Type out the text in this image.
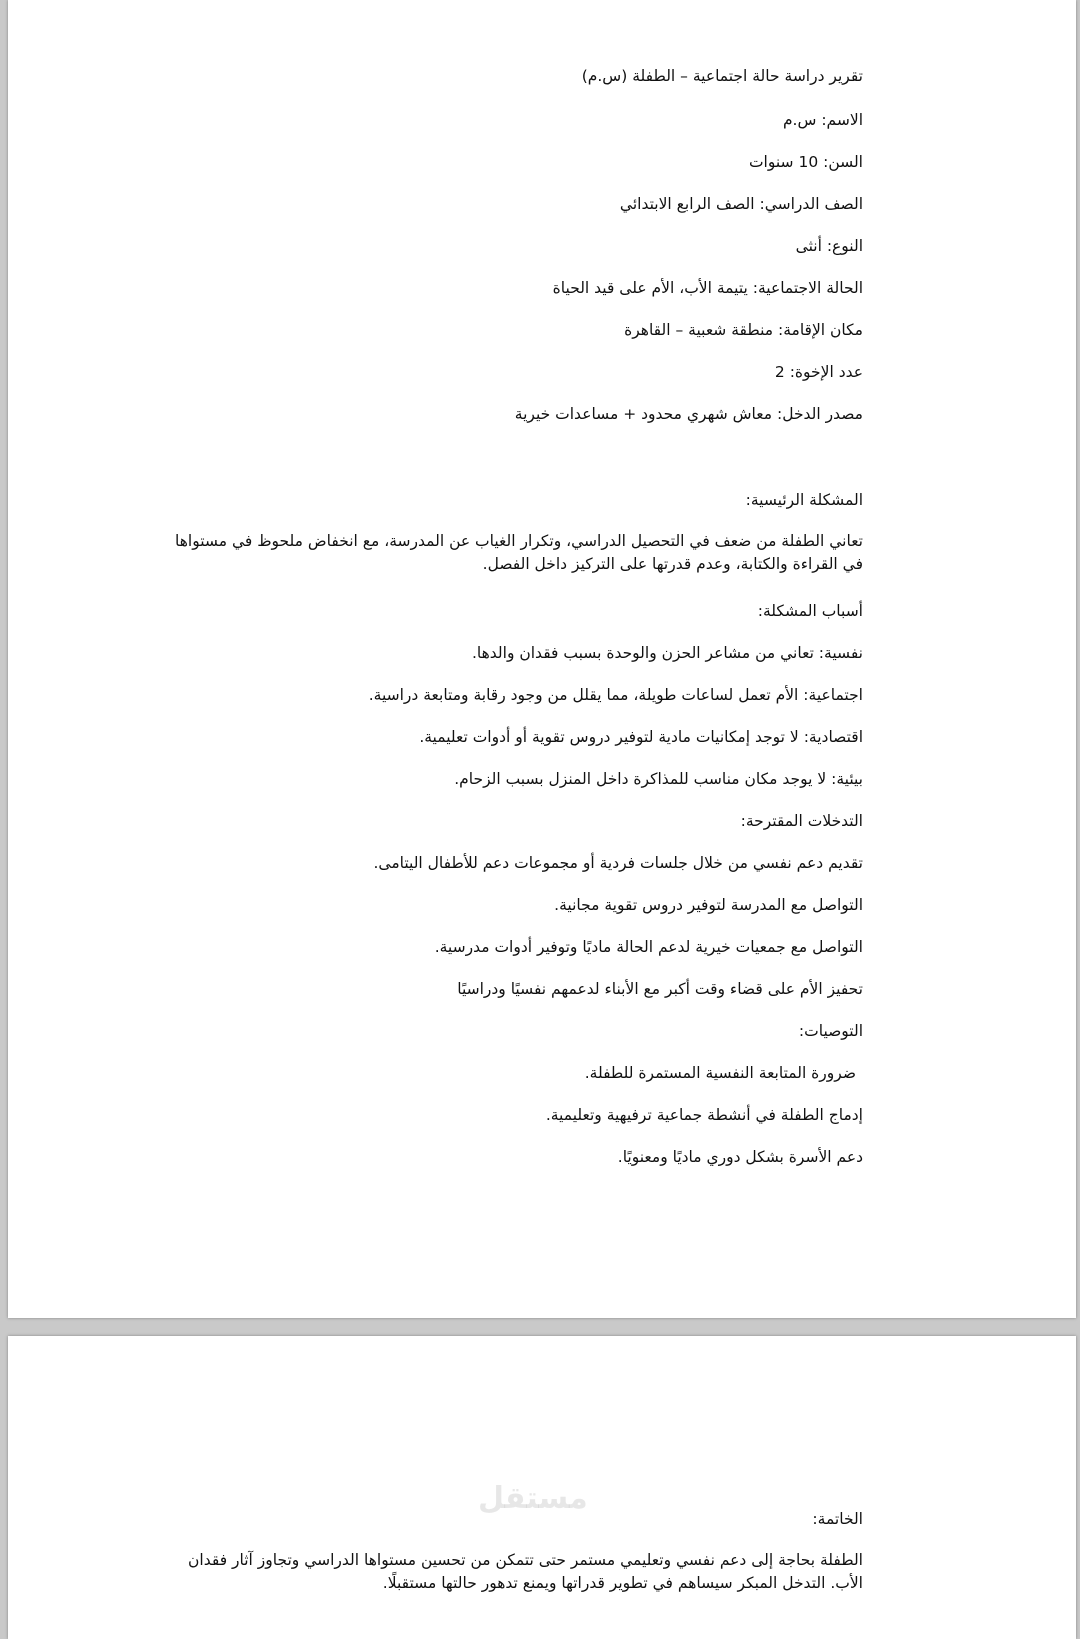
تقرير دراسة حالة اجتماعية – الطفلة (س.م)
الاسم: س.م
السن: 10 سنوات
الصف الدراسي: الصف الرابع الابتدائي
النوع: أنثى
الحالة الاجتماعية: يتيمة الأب، الأم على قيد الحياة
مكان الإقامة: منطقة شعبية – القاهرة
عدد الإخوة: 2
مصدر الدخل: معاش شهري محدود + مساعدات خيرية
المشكلة الرئيسية:
تعاني الطفلة من ضعف في التحصيل الدراسي، وتكرار الغياب عن المدرسة، مع انخفاض ملحوظ في مستواها في القراءة والكتابة، وعدم قدرتها على التركيز داخل الفصل.
أسباب المشكلة:
نفسية: تعاني من مشاعر الحزن والوحدة بسبب فقدان والدها.
اجتماعية: الأم تعمل لساعات طويلة، مما يقلل من وجود رقابة ومتابعة دراسية.
اقتصادية: لا توجد إمكانيات مادية لتوفير دروس تقوية أو أدوات تعليمية.
بيئية: لا يوجد مكان مناسب للمذاكرة داخل المنزل بسبب الزحام.
التدخلات المقترحة:
تقديم دعم نفسي من خلال جلسات فردية أو مجموعات دعم للأطفال اليتامى.
التواصل مع المدرسة لتوفير دروس تقوية مجانية.
التواصل مع جمعيات خيرية لدعم الحالة ماديًا وتوفير أدوات مدرسية.
تحفيز الأم على قضاء وقت أكبر مع الأبناء لدعمهم نفسيًا ودراسيًا
التوصيات:
ضرورة المتابعة النفسية المستمرة للطفلة.
إدماج الطفلة في أنشطة جماعية ترفيهية وتعليمية.
دعم الأسرة بشكل دوري ماديًا ومعنويًا.
الخاتمة:
الطفلة بحاجة إلى دعم نفسي وتعليمي مستمر حتى تتمكن من تحسين مستواها الدراسي وتجاوز آثار فقدان الأب. التدخل المبكر سيساهم في تطوير قدراتها ويمنع تدهور حالتها مستقبلًا.
مستقل
